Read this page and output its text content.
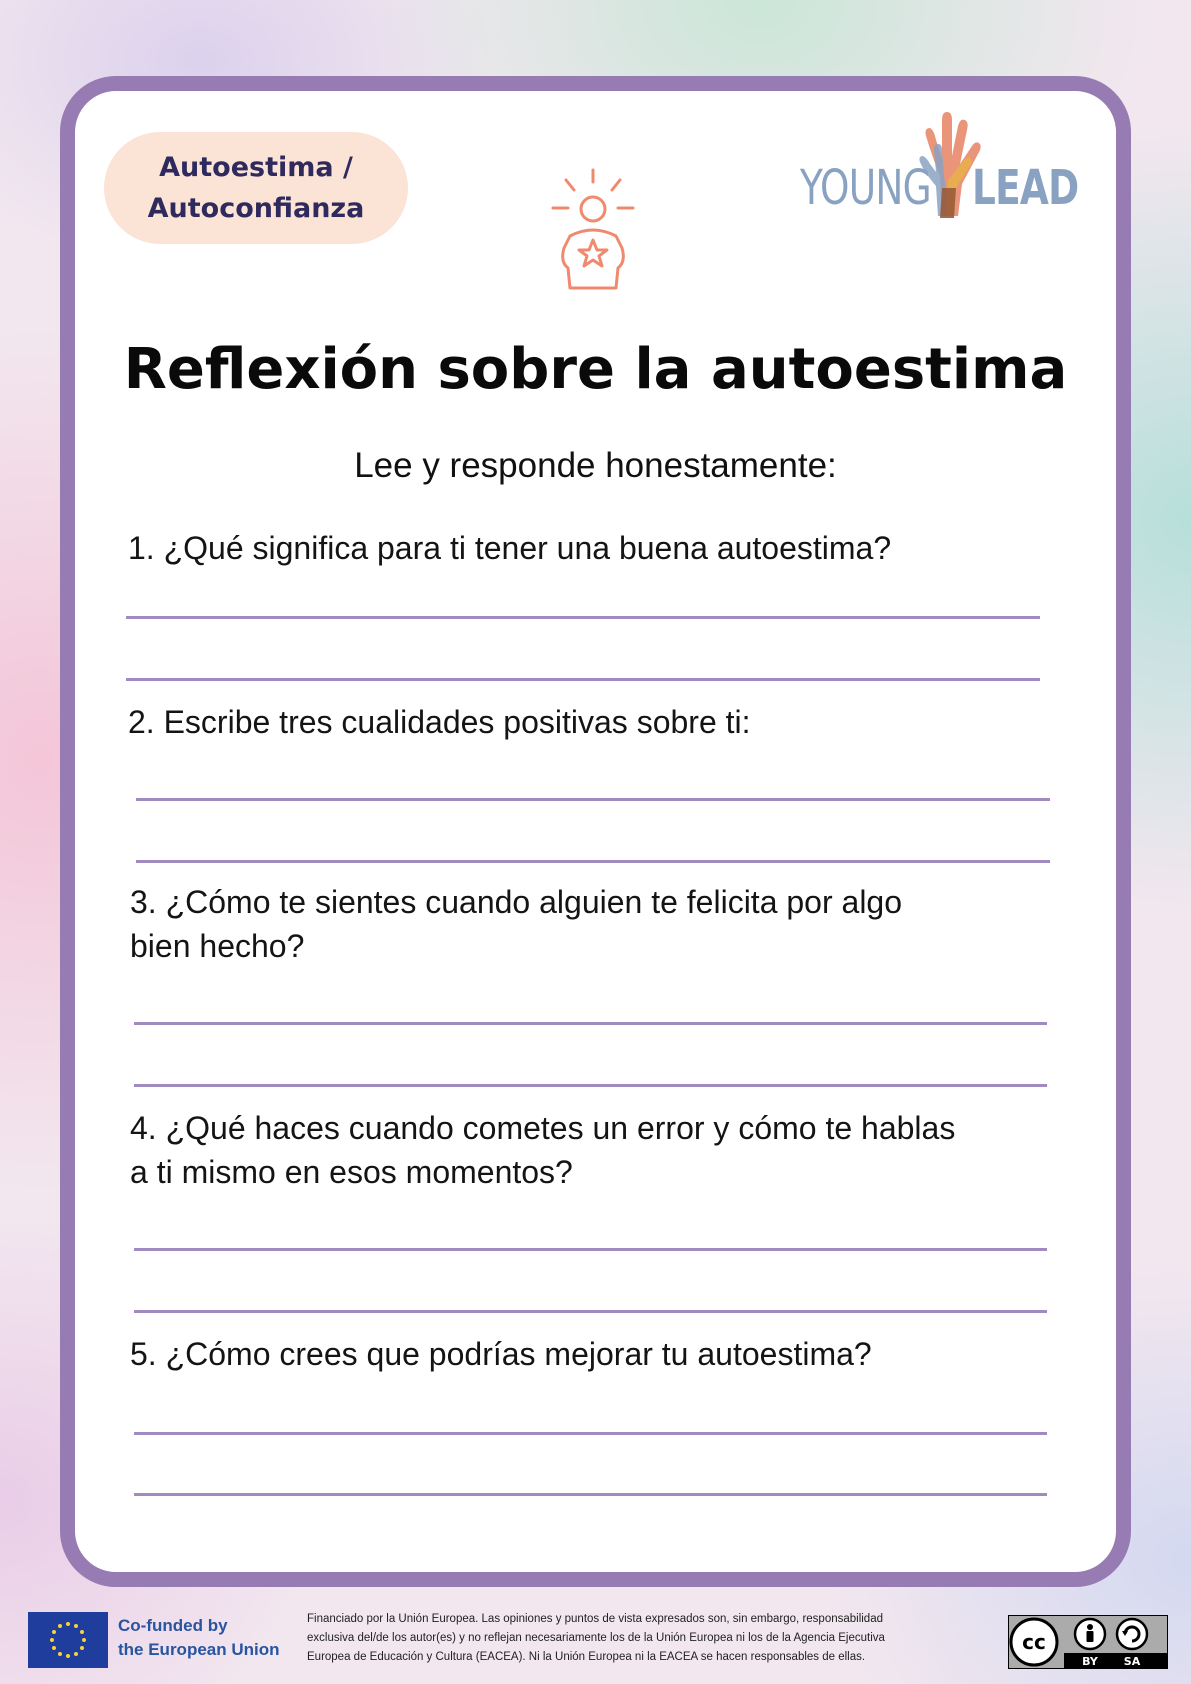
Autoestima /
Autoconfianza	YOUNG LEAD
Reflexión sobre la autoestima
Lee y responde honestamente:
1. ¿Qué significa para ti tener una buena autoestima?
2. Escribe tres cualidades positivas sobre ti:
3. ¿Cómo te sientes cuando alguien te felicita por algo
bien hecho?
4. ¿Qué haces cuando cometes un error y cómo te hablas
a ti mismo en esos momentos?
5. ¿Cómo crees que podrías mejorar tu autoestima?
Co-funded by
the European Union
Financiado por la Unión Europea. Las opiniones y puntos de vista expresados son, sin embargo, responsabilidad
exclusiva del/de los autor(es) y no reflejan necesariamente los de la Unión Europea ni los de la Agencia Ejecutiva
Europea de Educación y Cultura (EACEA). Ni la Unión Europea ni la EACEA se hacen responsables de ellas.
cc
BY SA
